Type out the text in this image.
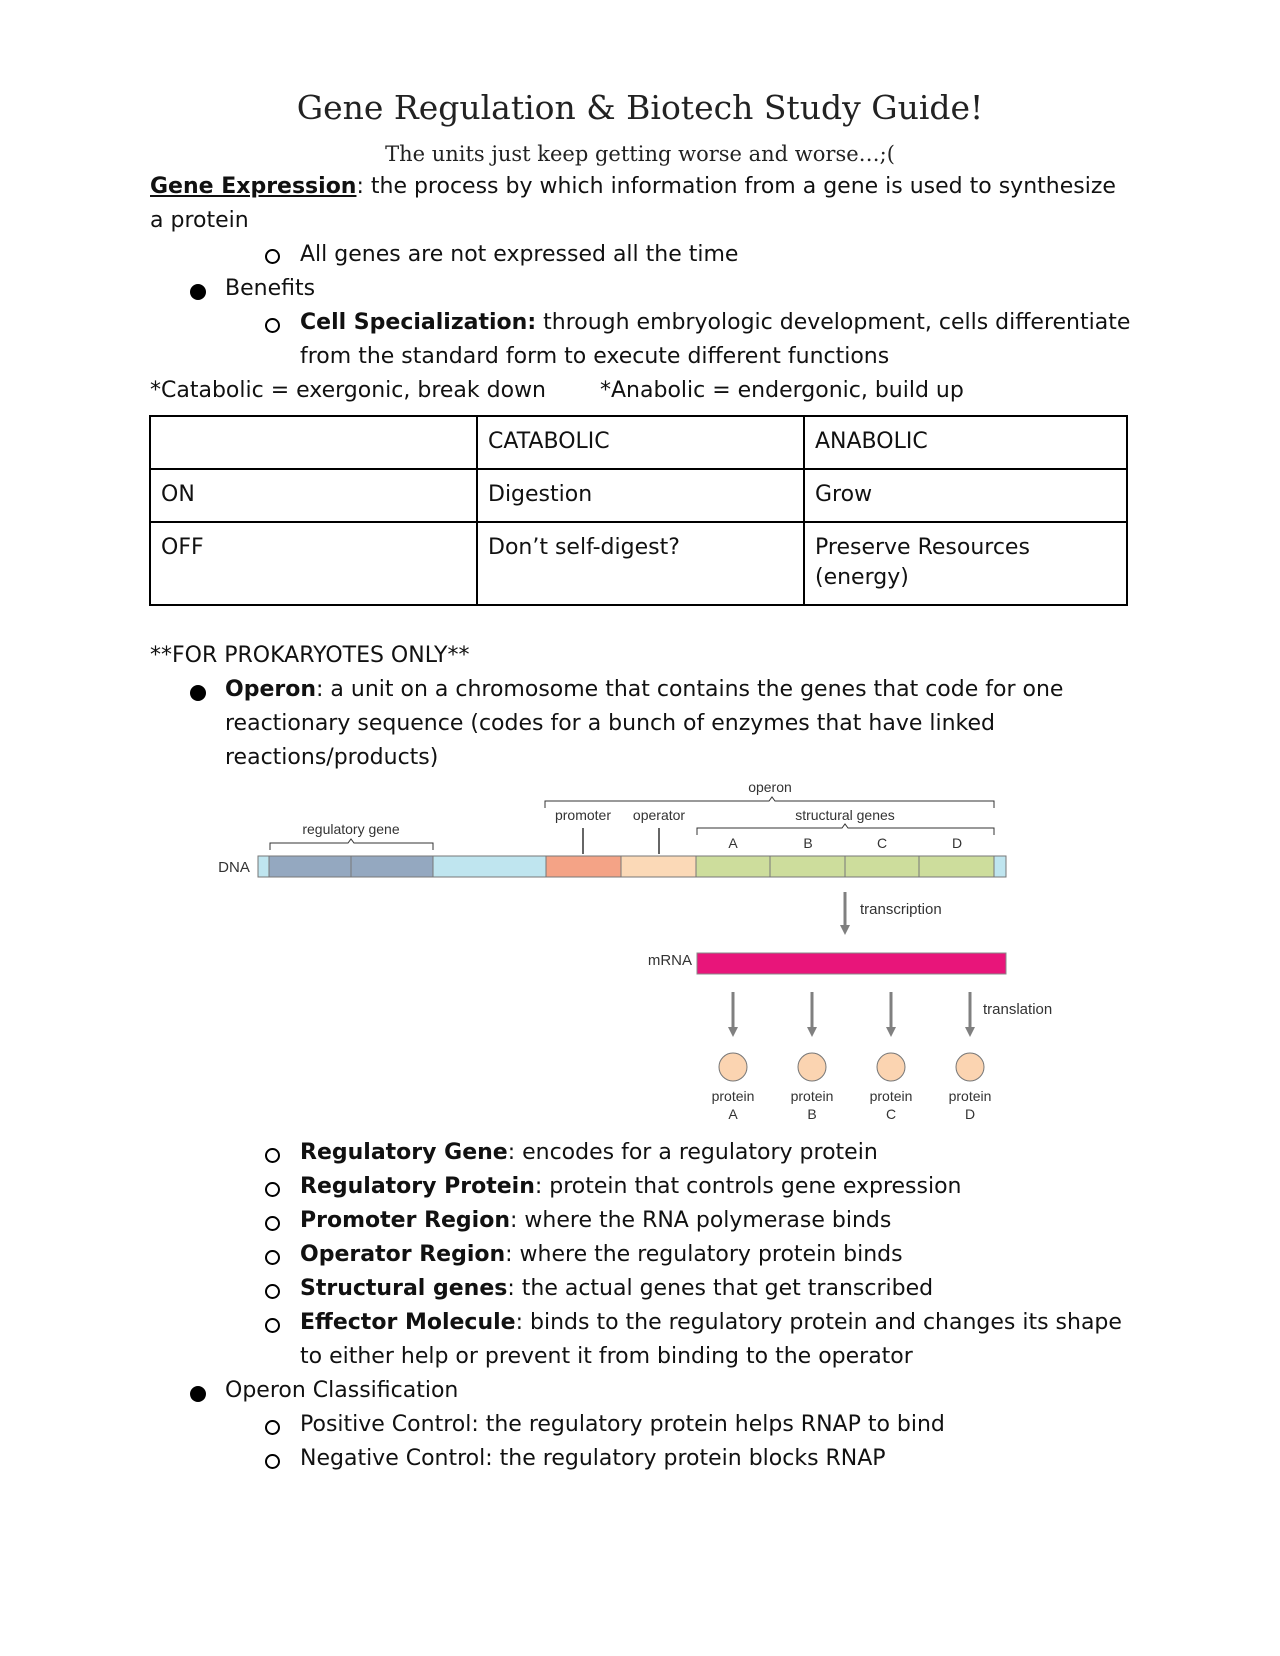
Gene Regulation & Biotech Study Guide!
The units just keep getting worse and worse…;(
Gene Expression: the process by which information from a gene is used to synthesize
a protein
All genes are not expressed all the time
Benefits
Cell Specialization: through embryologic development, cells differentiate
from the standard form to execute different functions
*Catabolic = exergonic, break down *Anabolic = endergonic, build up
	CATABOLIC	ANABOLIC
ON	Digestion	Grow
OFF	Don’t self-digest?	Preserve Resources (energy)
**FOR PROKARYOTES ONLY**
Operon: a unit on a chromosome that contains the genes that code for one
reactionary sequence (codes for a bunch of enzymes that have linked
reactions/products)
operon
promoter operator	structural genes
A	B	C	D
regulatory gene
DNA
transcription
mRNA
translation
protein
A
protein
B
protein
C
protein
D
Regulatory Gene: encodes for a regulatory protein
Regulatory Protein: protein that controls gene expression
Promoter Region: where the RNA polymerase binds
Operator Region: where the regulatory protein binds
Structural genes: the actual genes that get transcribed
Effector Molecule: binds to the regulatory protein and changes its shape
to either help or prevent it from binding to the operator
Operon Classification
Positive Control: the regulatory protein helps RNAP to bind
Negative Control: the regulatory protein blocks RNAP
